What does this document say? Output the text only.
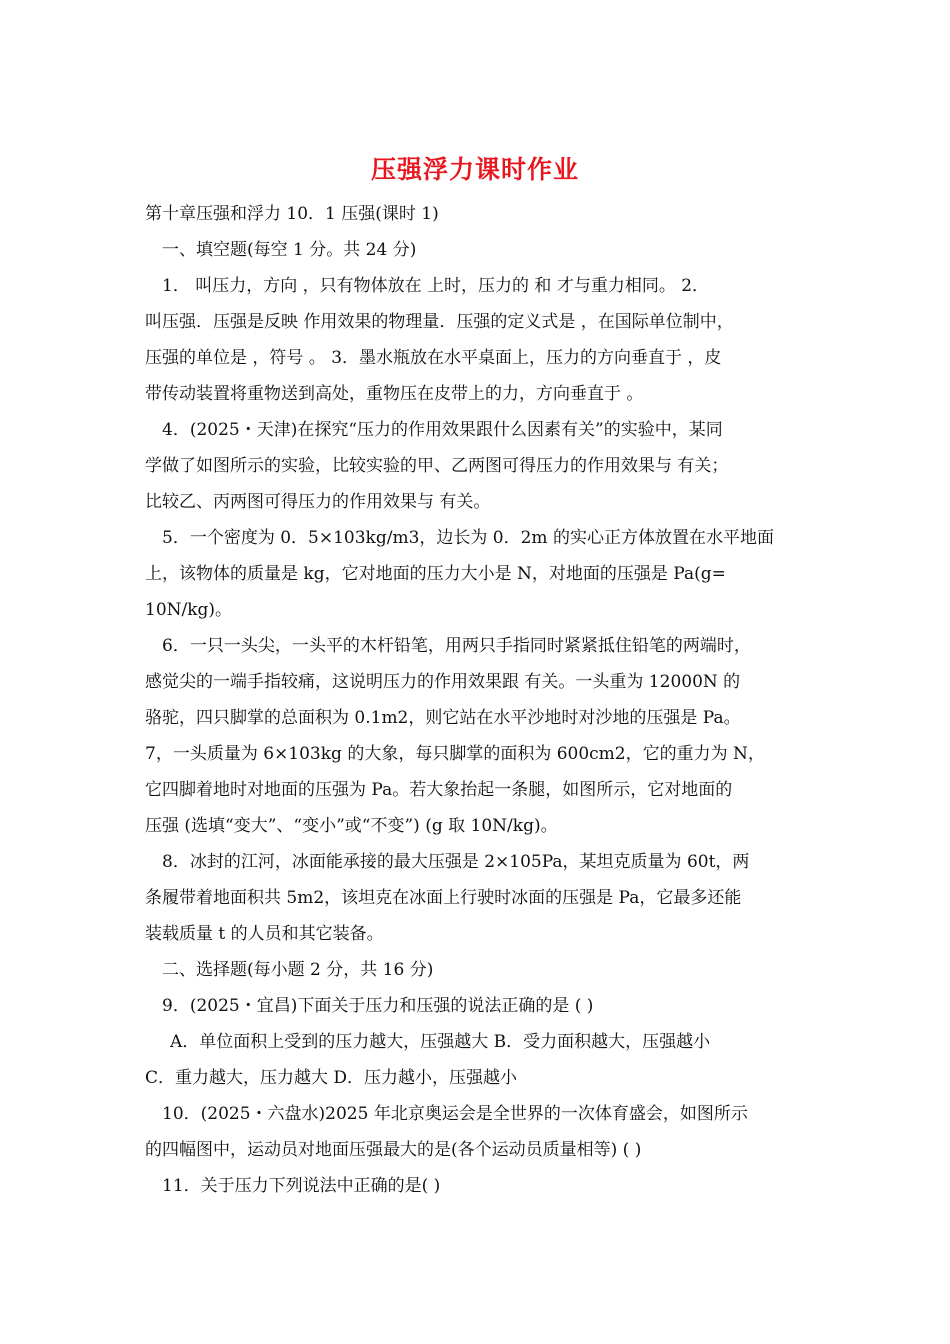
压强浮力课时作业
第十章压强和浮力 10．1 压强(课时 1)
一、填空题(每空 1 分。共 24 分)
1． 叫压力，方向 ，只有物体放在 上时，压力的 和 才与重力相同。 2．
叫压强．压强是反映 作用效果的物理量．压强的定义式是 ，在国际单位制中，
压强的单位是 ，符号 。 3．墨水瓶放在水平桌面上，压力的方向垂直于 ，皮
带传动装置将重物送到高处，重物压在皮带上的力，方向垂直于 。
4．(2025・天津)在探究“压力的作用效果跟什么因素有关”的实验中，某同
学做了如图所示的实验，比较实验的甲、乙两图可得压力的作用效果与 有关；
比较乙、丙两图可得压力的作用效果与 有关。
5．一个密度为 0．5×103kg/m3，边长为 0．2m 的实心正方体放置在水平地面
上，该物体的质量是 kg，它对地面的压力大小是 N，对地面的压强是 Pa(g=
10N/kg)。
6．一只一头尖，一头平的木杆铅笔，用两只手指同时紧紧抵住铅笔的两端时，
感觉尖的一端手指较痛，这说明压力的作用效果跟 有关。一头重为 12000N 的
骆驼，四只脚掌的总面积为 0.1m2，则它站在水平沙地时对沙地的压强是 Pa。
7，一头质量为 6×103kg 的大象，每只脚掌的面积为 600cm2，它的重力为 N，
它四脚着地时对地面的压强为 Pa。若大象抬起一条腿，如图所示，它对地面的
压强 (选填“变大”、“变小”或“不变”) (g 取 10N/kg)。
8．冰封的江河，冰面能承接的最大压强是 2×105Pa，某坦克质量为 60t，两
条履带着地面积共 5m2，该坦克在冰面上行驶时冰面的压强是 Pa，它最多还能
装载质量 t 的人员和其它装备。
二、选择题(每小题 2 分，共 16 分)
9．(2025・宜昌)下面关于压力和压强的说法正确的是 ( )
A．单位面积上受到的压力越大，压强越大 B．受力面积越大，压强越小
C．重力越大，压力越大 D．压力越小，压强越小
10．(2025・六盘水)2025 年北京奥运会是全世界的一次体育盛会，如图所示
的四幅图中，运动员对地面压强最大的是(各个运动员质量相等) ( )
11．关于压力下列说法中正确的是( )
